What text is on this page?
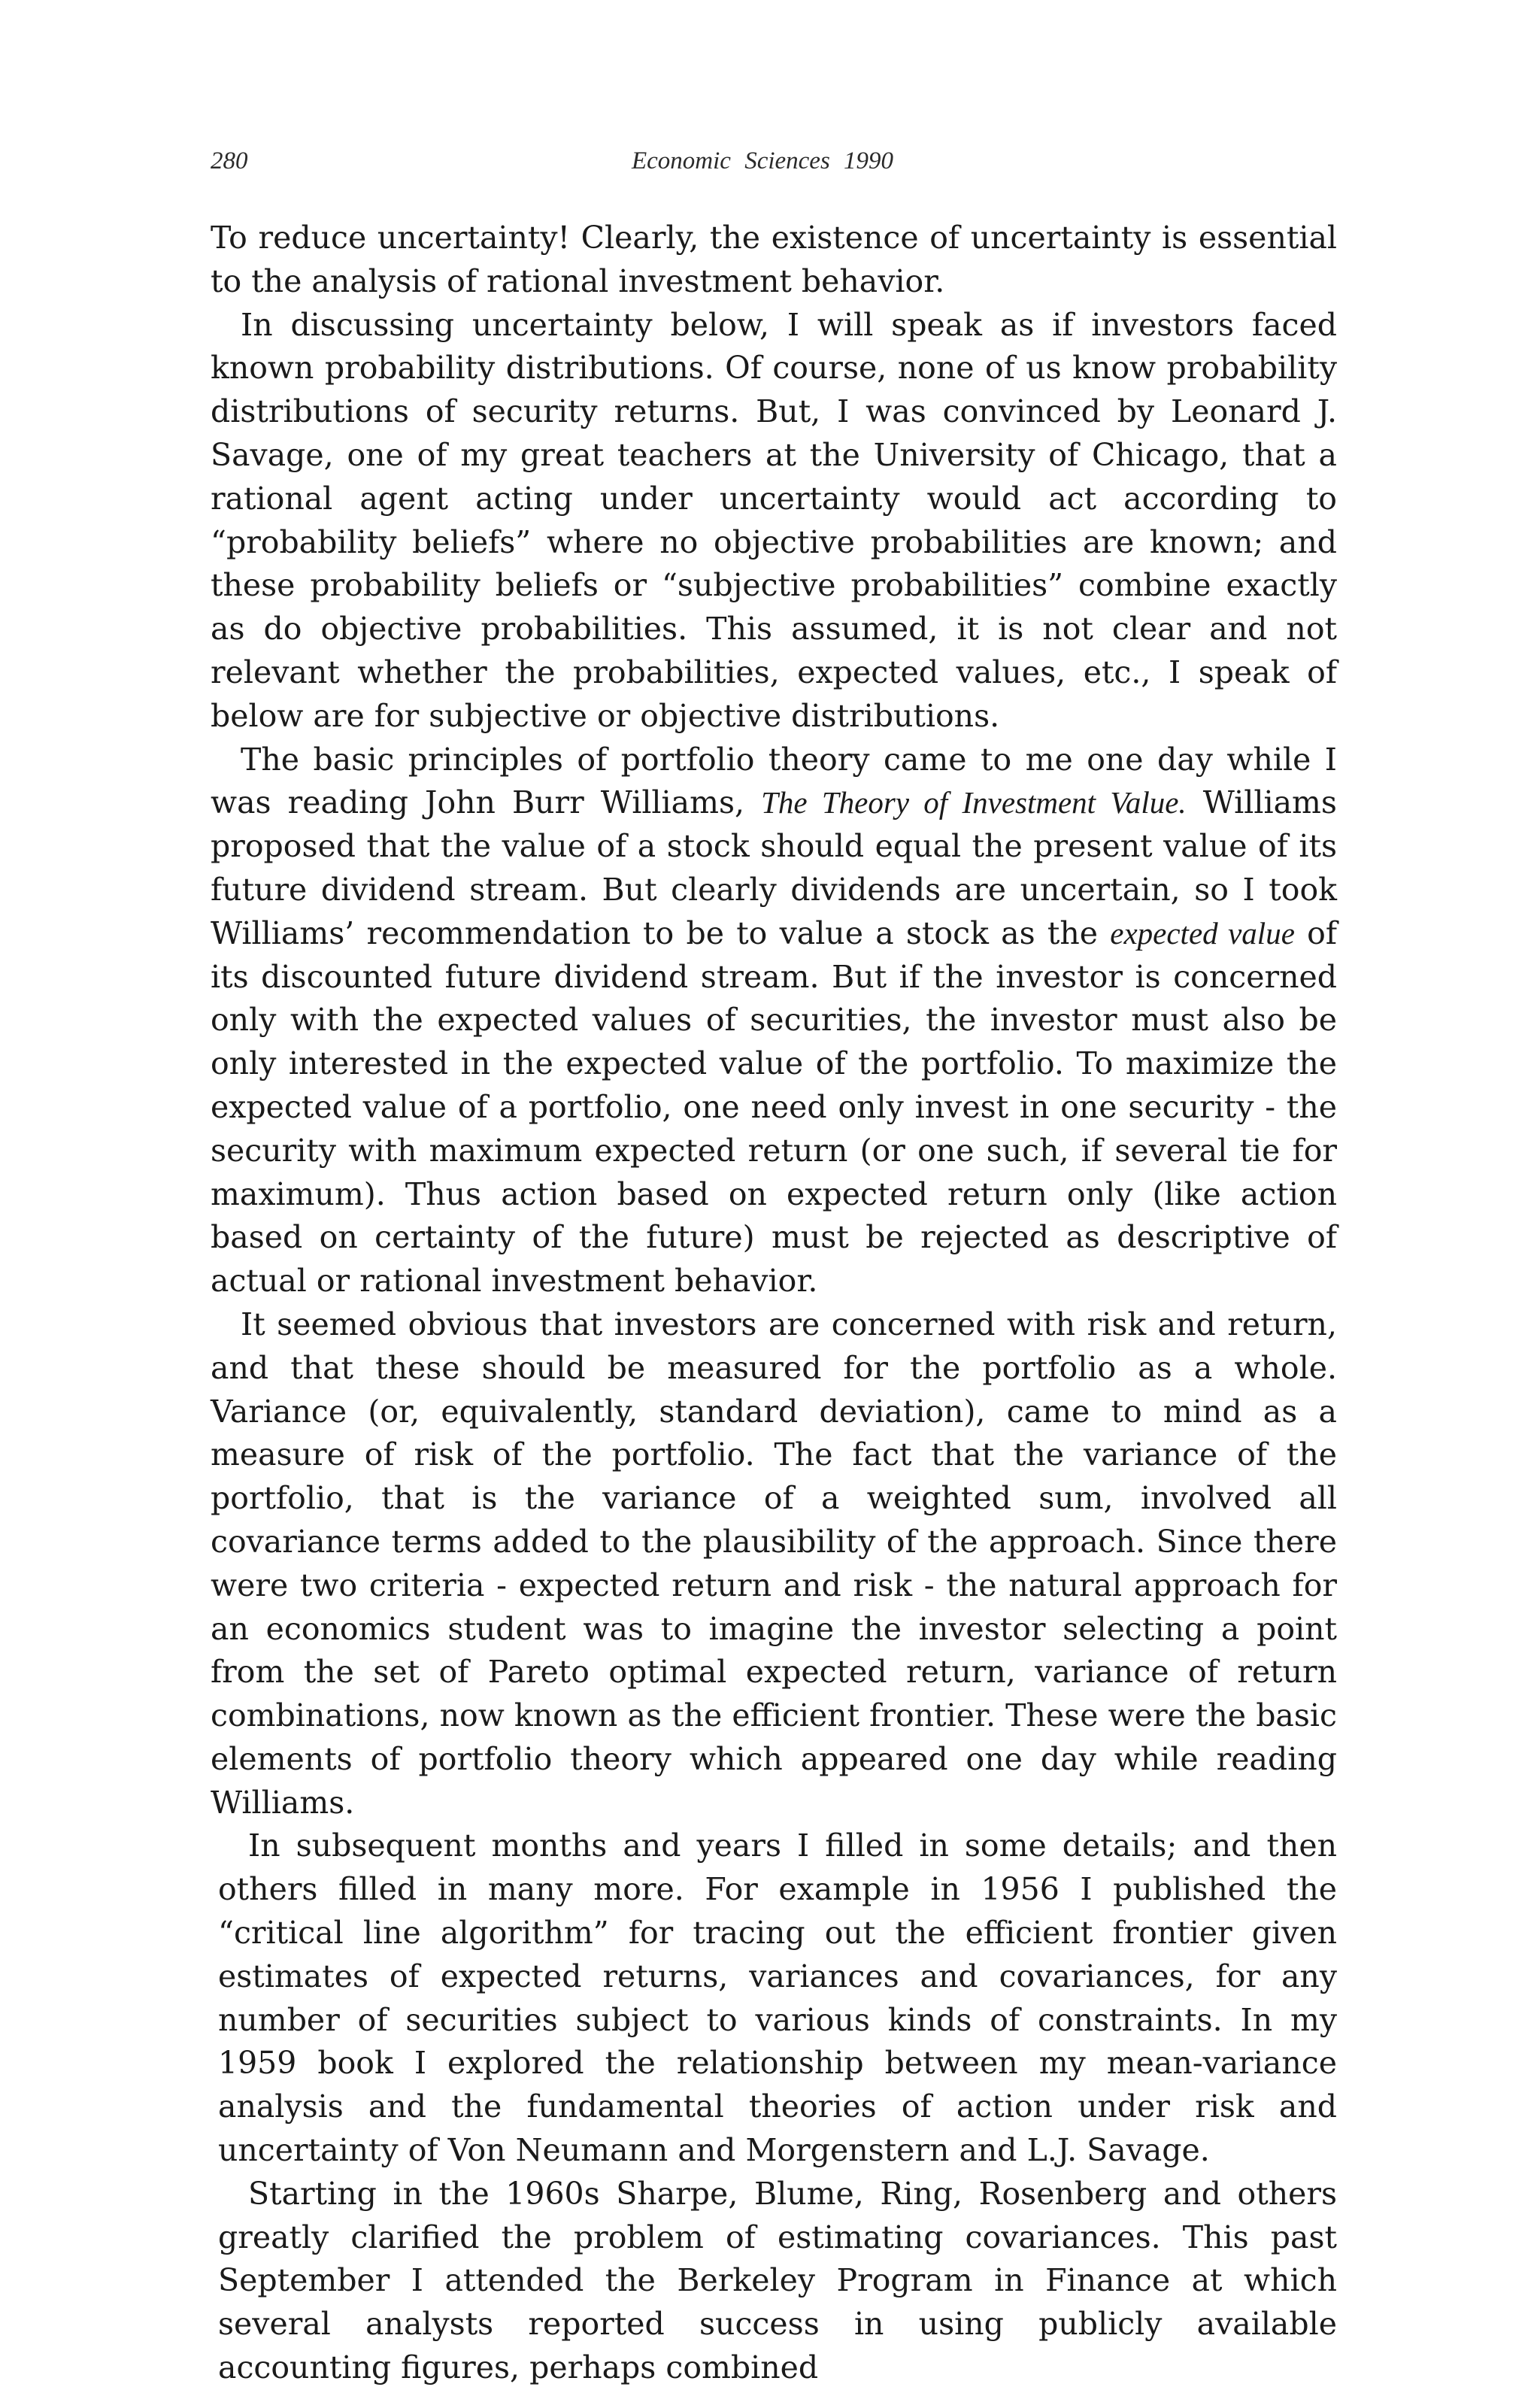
280	Economic Sciences 1990

To reduce uncertainty! Clearly, the existence of uncertainty is essential to the analysis of rational investment behavior.

In discussing uncertainty below, I will speak as if investors faced known probability distributions. Of course, none of us know probability distributions of security returns. But, I was convinced by Leonard J. Savage, one of my great teachers at the University of Chicago, that a rational agent acting under uncertainty would act according to “probability beliefs” where no objective probabilities are known; and these probability beliefs or “subjective probabilities” combine exactly as do objective probabilities. This assumed, it is not clear and not relevant whether the probabilities, expected values, etc., I speak of below are for subjective or objective distributions.

The basic principles of portfolio theory came to me one day while I was reading John Burr Williams, The Theory of Investment Value. Williams proposed that the value of a stock should equal the present value of its future dividend stream. But clearly dividends are uncertain, so I took Williams’ recommendation to be to value a stock as the expected value of its discounted future dividend stream. But if the investor is concerned only with the expected values of securities, the investor must also be only interested in the expected value of the portfolio. To maximize the expected value of a portfolio, one need only invest in one security - the security with maximum expected return (or one such, if several tie for maximum). Thus action based on expected return only (like action based on certainty of the future) must be rejected as descriptive of actual or rational investment behavior.

It seemed obvious that investors are concerned with risk and return, and that these should be measured for the portfolio as a whole. Variance (or, equivalently, standard deviation), came to mind as a measure of risk of the portfolio. The fact that the variance of the portfolio, that is the variance of a weighted sum, involved all covariance terms added to the plausibility of the approach. Since there were two criteria - expected return and risk - the natural approach for an economics student was to imagine the investor selecting a point from the set of Pareto optimal expected return, variance of return combinations, now known as the efficient frontier. These were the basic elements of portfolio theory which appeared one day while reading Williams.

In subsequent months and years I filled in some details; and then others filled in many more. For example in 1956 I published the “critical line algorithm” for tracing out the efficient frontier given estimates of expected returns, variances and covariances, for any number of securities subject to various kinds of constraints. In my 1959 book I explored the relationship between my mean-variance analysis and the fundamental theories of action under risk and uncertainty of Von Neumann and Morgenstern and L.J. Savage.

Starting in the 1960s Sharpe, Blume, Ring, Rosenberg and others greatly clarified the problem of estimating covariances. This past September I attended the Berkeley Program in Finance at which several analysts reported success in using publicly available accounting figures, perhaps combined
